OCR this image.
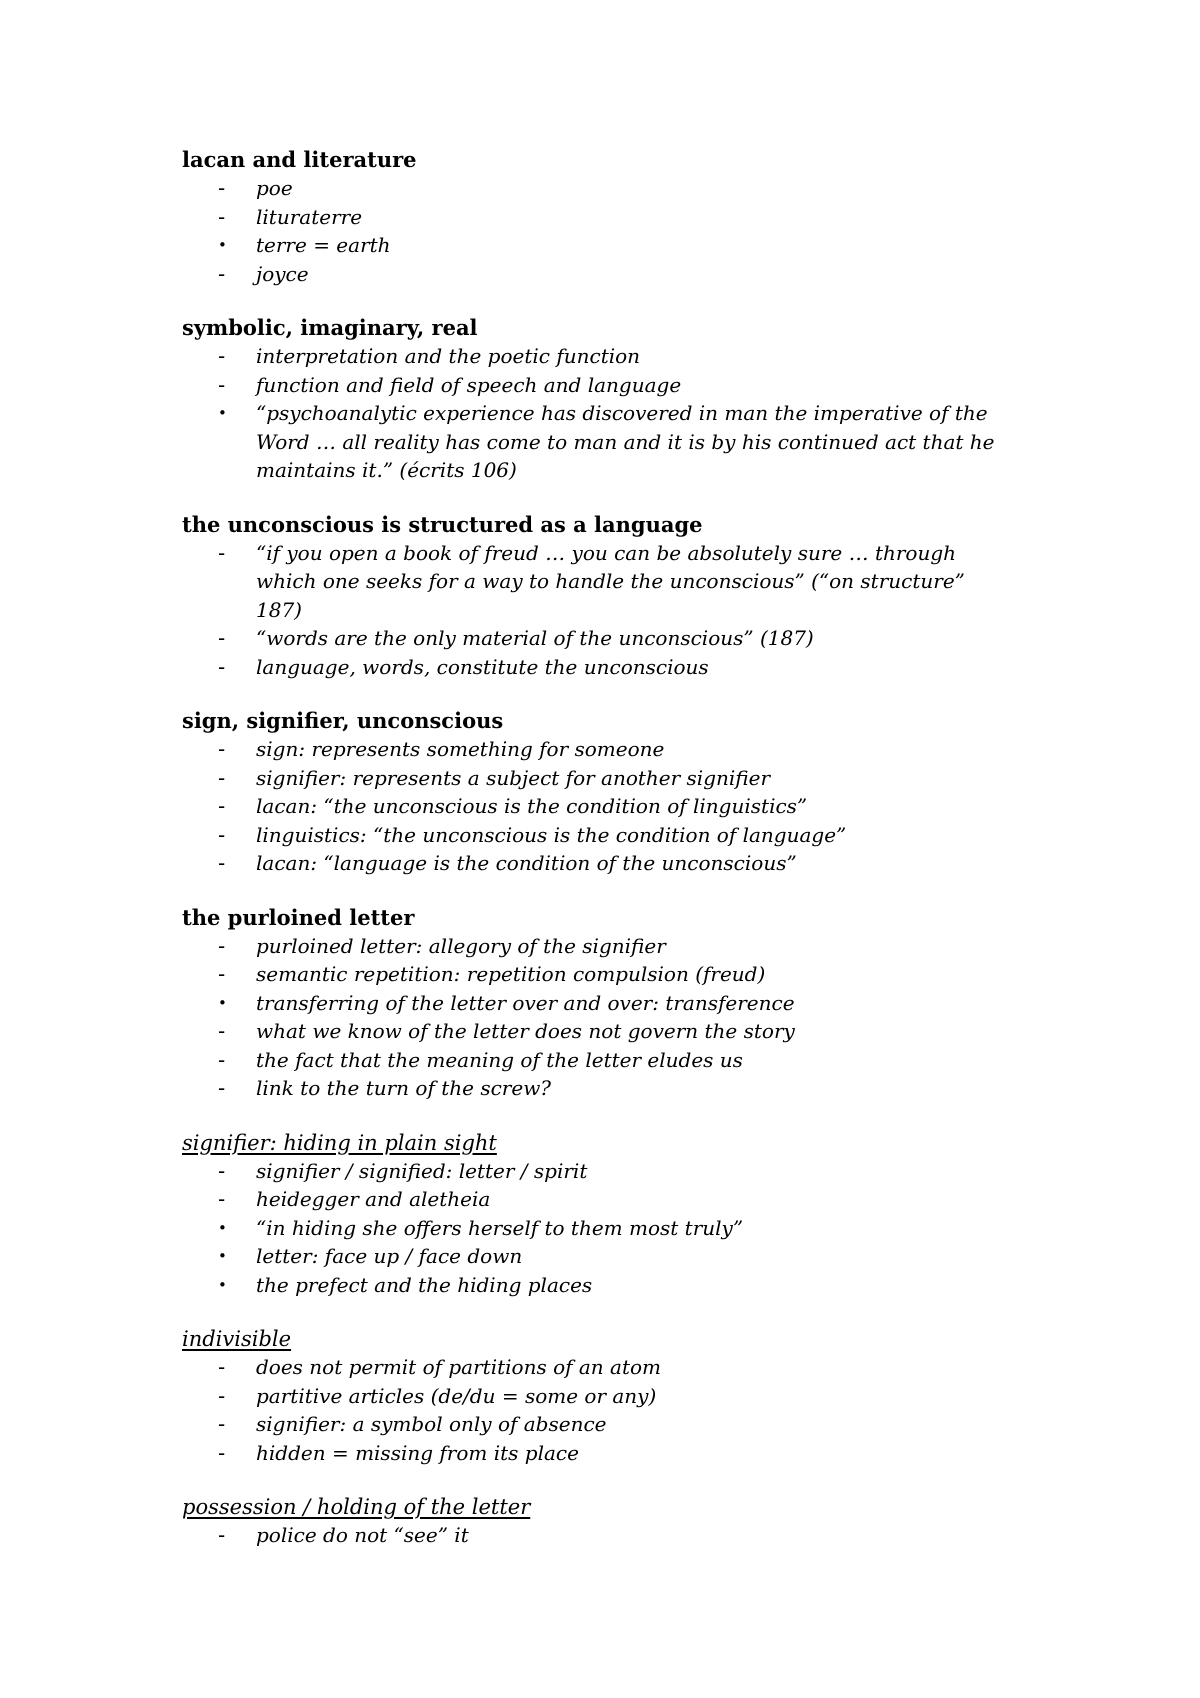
lacan and literature
-	poe
-	lituraterre
•	terre = earth
-	joyce
symbolic, imaginary, real
-	interpretation and the poetic function
-	function and field of speech and language
•	“psychoanalytic experience has discovered in man the imperative of the Word … all reality has come to man and it is by his continued act that he maintains it.” (écrits 106)
the unconscious is structured as a language
-	“if you open a book of freud … you can be absolutely sure … through which one seeks for a way to handle the unconscious” (“on structure” 187)
-	“words are the only material of the unconscious” (187)
-	language, words, constitute the unconscious
sign, signifier, unconscious
-	sign: represents something for someone
-	signifier: represents a subject for another signifier
-	lacan: “the unconscious is the condition of linguistics”
-	linguistics: “the unconscious is the condition of language”
-	lacan: “language is the condition of the unconscious”
the purloined letter
-	purloined letter: allegory of the signifier
-	semantic repetition: repetition compulsion (freud)
•	transferring of the letter over and over: transference
-	what we know of the letter does not govern the story
-	the fact that the meaning of the letter eludes us
-	link to the turn of the screw?
signifier: hiding in plain sight
-	signifier / signified: letter / spirit
-	heidegger and aletheia
•	“in hiding she offers herself to them most truly”
•	letter: face up / face down
•	the prefect and the hiding places
indivisible
-	does not permit of partitions of an atom
-	partitive articles (de/du = some or any)
-	signifier: a symbol only of absence
-	hidden = missing from its place
possession / holding of the letter
-	police do not “see” it
